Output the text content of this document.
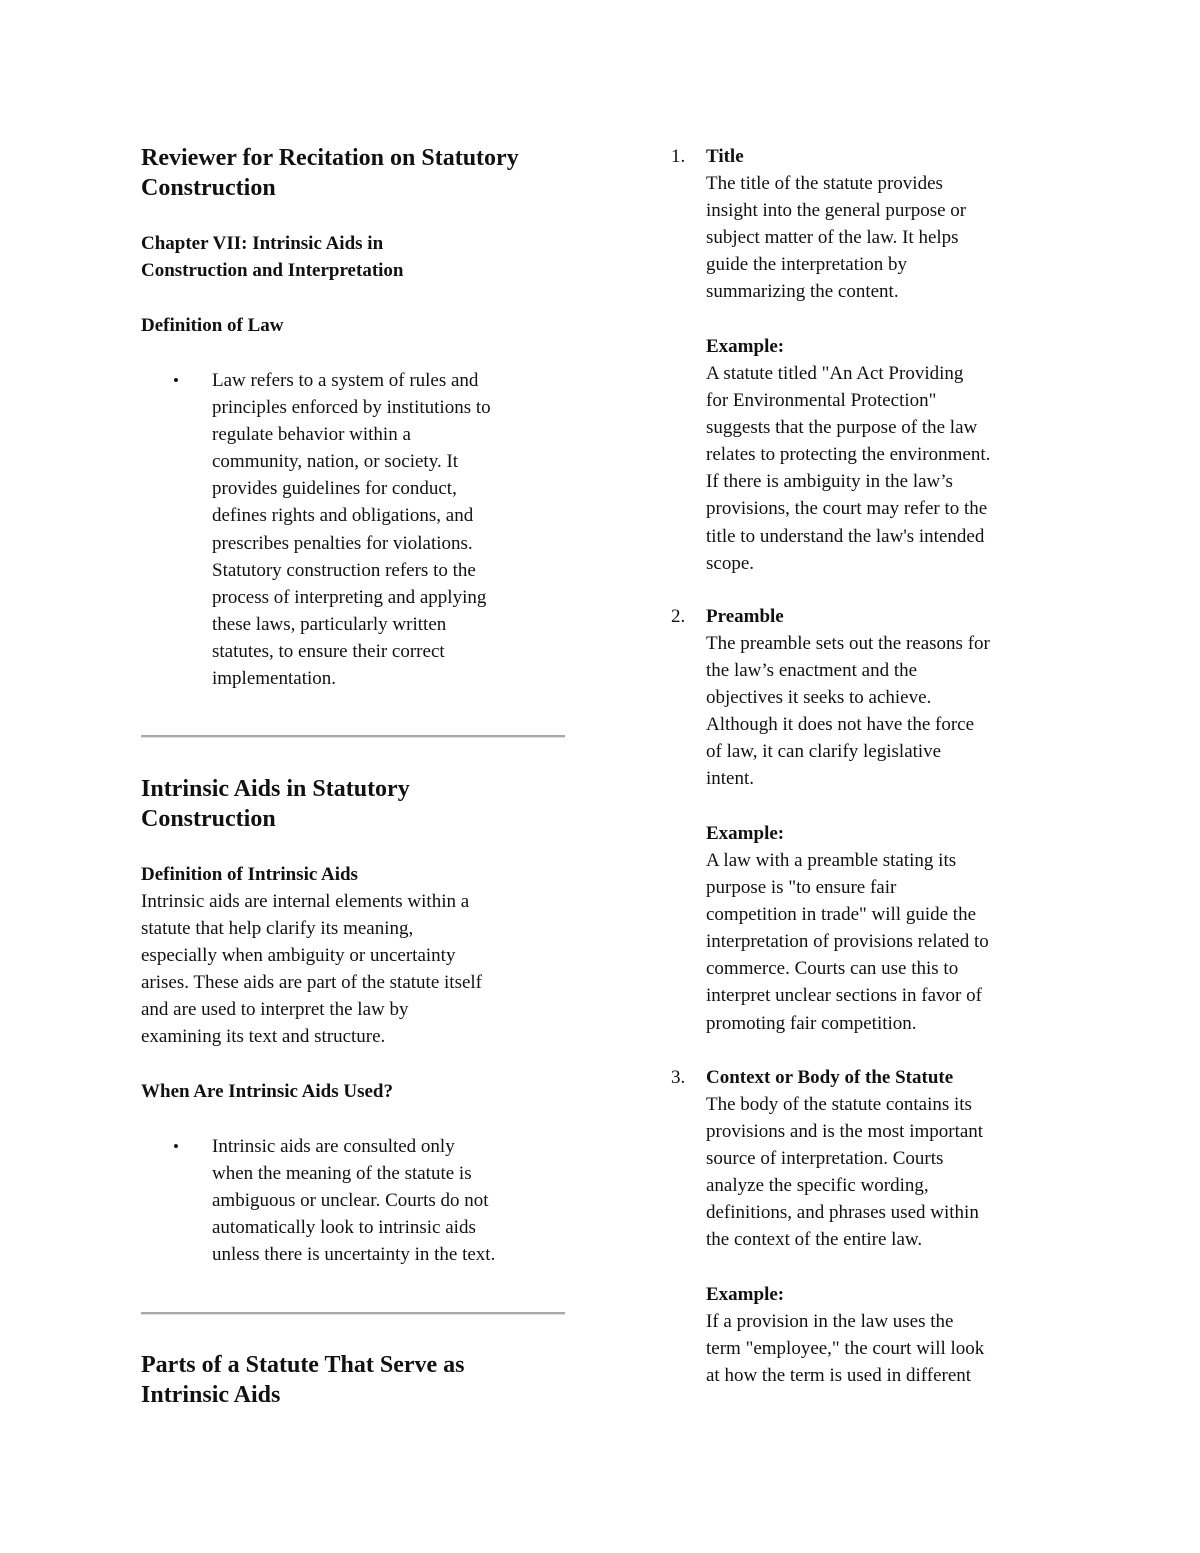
Reviewer for Recitation on Statutory

Construction

Chapter VII: Intrinsic Aids in

Construction and Interpretation

Definition of Law

• Law refers to a system of rules and

principles enforced by institutions to

regulate behavior within a

community, nation, or society. It

provides guidelines for conduct,

defines rights and obligations, and

prescribes penalties for violations.

Statutory construction refers to the

process of interpreting and applying

these laws, particularly written

statutes, to ensure their correct

implementation.

Intrinsic Aids in Statutory

Construction

Definition of Intrinsic Aids

Intrinsic aids are internal elements within a

statute that help clarify its meaning,

especially when ambiguity or uncertainty

arises. These aids are part of the statute itself

and are used to interpret the law by

examining its text and structure.

When Are Intrinsic Aids Used?

• Intrinsic aids are consulted only

when the meaning of the statute is

ambiguous or unclear. Courts do not

automatically look to intrinsic aids

unless there is uncertainty in the text.

Parts of a Statute That Serve as

Intrinsic Aids

1. Title

The title of the statute provides

insight into the general purpose or

subject matter of the law. It helps

guide the interpretation by

summarizing the content.

Example:

A statute titled "An Act Providing

for Environmental Protection"

suggests that the purpose of the law

relates to protecting the environment.

If there is ambiguity in the law’s

provisions, the court may refer to the

title to understand the law's intended

scope.

2. Preamble

The preamble sets out the reasons for

the law’s enactment and the

objectives it seeks to achieve.

Although it does not have the force

of law, it can clarify legislative

intent.

Example:

A law with a preamble stating its

purpose is "to ensure fair

competition in trade" will guide the

interpretation of provisions related to

commerce. Courts can use this to

interpret unclear sections in favor of

promoting fair competition.

3. Context or Body of the Statute

The body of the statute contains its

provisions and is the most important

source of interpretation. Courts

analyze the specific wording,

definitions, and phrases used within

the context of the entire law.

Example:

If a provision in the law uses the

term "employee," the court will look

at how the term is used in different
